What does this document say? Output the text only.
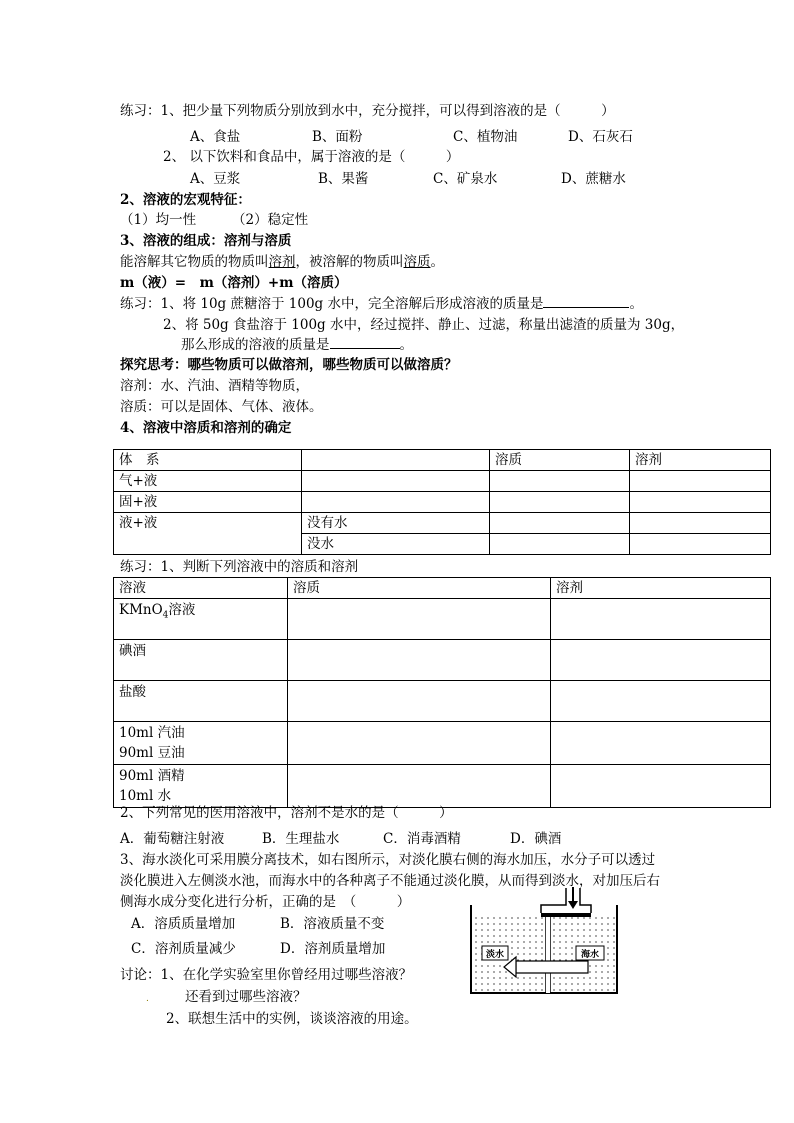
练习：1、把少量下列物质分别放到水中，充分搅拌，可以得到溶液的是（　　　）
A、食盐	B、面粉	C、植物油	D、石灰石
2、 以下饮料和食品中，属于溶液的是（　　　）
A、豆浆	B、果酱	C、矿泉水	D、蔗糖水
2、溶液的宏观特征：
（1）均一性	（2）稳定性
3、溶液的组成：溶剂与溶质
能溶解其它物质的物质叫溶剂，被溶解的物质叫溶质。
m（液）=　m（溶剂）+m（溶质）
练习：1、将 10g 蔗糖溶于 100g 水中，完全溶解后形成溶液的质量是	。
2、将 50g 食盐溶于 100g 水中，经过搅拌、静止、过滤，称量出滤渣的质量为 30g，
那么形成的溶液的质量是	。
探究思考：哪些物质可以做溶剂，哪些物质可以做溶质？
溶剂：水、汽油、酒精等物质，
溶质：可以是固体、气体、液体。
4、溶液中溶质和溶剂的确定
体　系		溶质	溶剂
气+液			
固+液			
液+液	没有水		
	没水		
练习：1、判断下列溶液中的溶质和溶剂
溶液	溶质	溶剂

KMnO$_4$溶液		

碘酒		

盐酸		

10ml 汽油
90ml 豆油		

90ml 酒精
10ml 水		

2、下列常见的医用溶液中，溶剂不是水的是（　　　）
A．葡萄糖注射液	B．生理盐水	C．消毒酒精	D．碘酒
3、海水淡化可采用膜分离技术，如右图所示，对淡化膜右侧的海水加压，水分子可以透过
淡化膜进入左侧淡水池，而海水中的各种离子不能通过淡化膜，从而得到淡水，对加压后右
侧海水成分变化进行分析，正确的是　（　　　）
A．溶质质量增加	B．溶液质量不变
C．溶剂质量减少	D．溶剂质量增加	淡水	海水
讨论：1、在化学实验室里你曾经用过哪些溶液？
.	还看到过哪些溶液？
2、联想生活中的实例，谈谈溶液的用途。
